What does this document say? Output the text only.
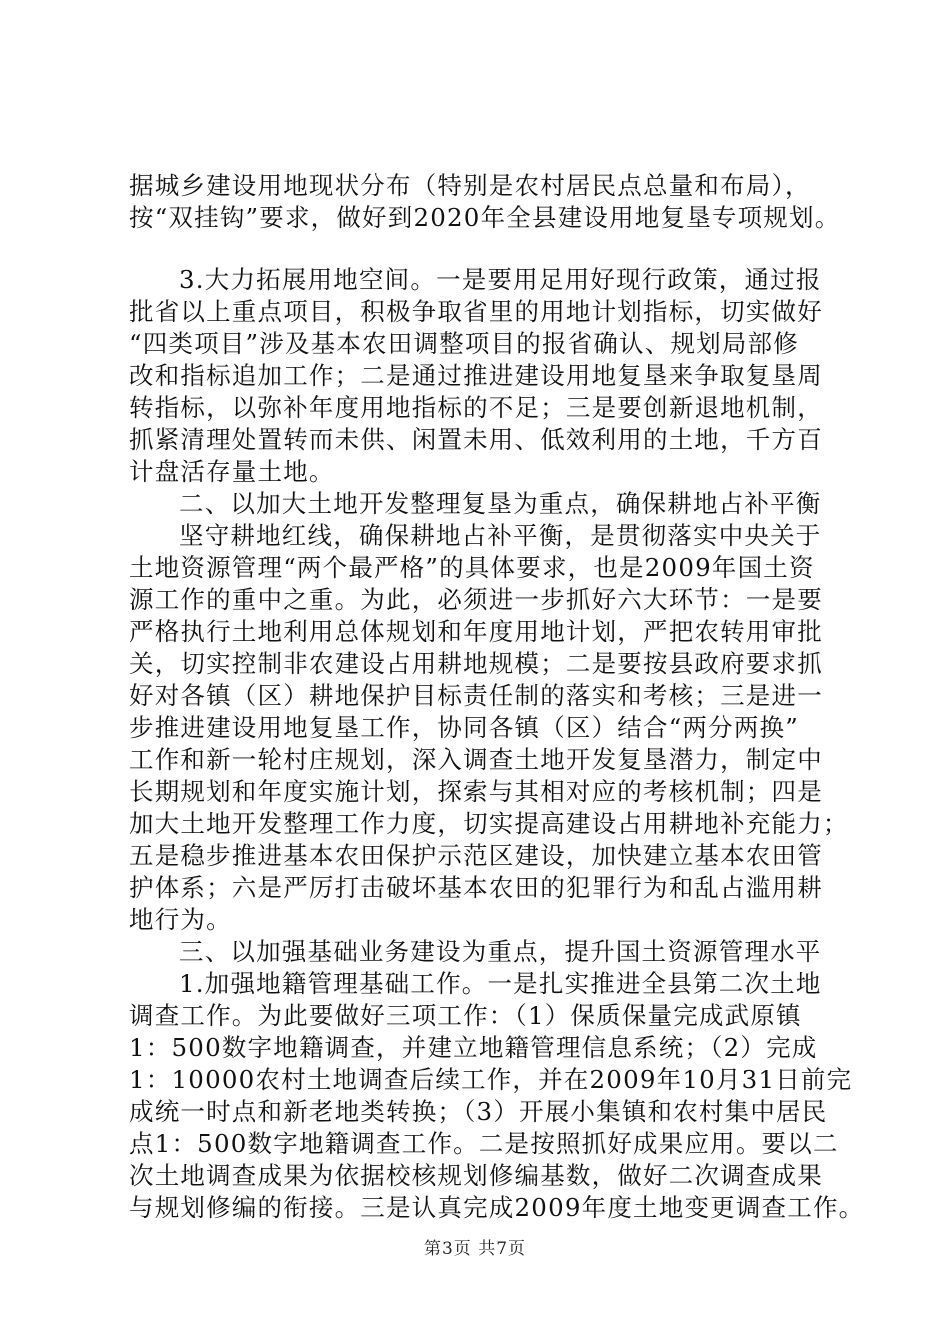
据城乡建设用地现状分布（特别是农村居民点总量和布局），
按“双挂钩”要求，做好到2020年全县建设用地复垦专项规划。
3.大力拓展用地空间。一是要用足用好现行政策，通过报
批省以上重点项目，积极争取省里的用地计划指标，切实做好
“四类项目”涉及基本农田调整项目的报省确认、规划局部修
改和指标追加工作；二是通过推进建设用地复垦来争取复垦周
转指标，以弥补年度用地指标的不足；三是要创新退地机制，
抓紧清理处置转而未供、闲置未用、低效利用的土地，千方百
计盘活存量土地。
二、以加大土地开发整理复垦为重点，确保耕地占补平衡
坚守耕地红线，确保耕地占补平衡，是贯彻落实中央关于
土地资源管理“两个最严格”的具体要求，也是2009年国土资
源工作的重中之重。为此，必须进一步抓好六大环节：一是要
严格执行土地利用总体规划和年度用地计划，严把农转用审批
关，切实控制非农建设占用耕地规模；二是要按县政府要求抓
好对各镇（区）耕地保护目标责任制的落实和考核；三是进一
步推进建设用地复垦工作，协同各镇（区）结合“两分两换”
工作和新一轮村庄规划，深入调查土地开发复垦潜力，制定中
长期规划和年度实施计划，探索与其相对应的考核机制；四是
加大土地开发整理工作力度，切实提高建设占用耕地补充能力；
五是稳步推进基本农田保护示范区建设，加快建立基本农田管
护体系；六是严厉打击破坏基本农田的犯罪行为和乱占滥用耕
地行为。
三、以加强基础业务建设为重点，提升国土资源管理水平
1.加强地籍管理基础工作。一是扎实推进全县第二次土地
调查工作。为此要做好三项工作：（1）保质保量完成武原镇
1：500数字地籍调查，并建立地籍管理信息系统；（2）完成
1：10000农村土地调查后续工作，并在2009年10月31日前完
成统一时点和新老地类转换；（3）开展小集镇和农村集中居民
点1：500数字地籍调查工作。二是按照抓好成果应用。要以二
次土地调查成果为依据校核规划修编基数，做好二次调查成果
与规划修编的衔接。三是认真完成2009年度土地变更调查工作。
第3页 共7页
